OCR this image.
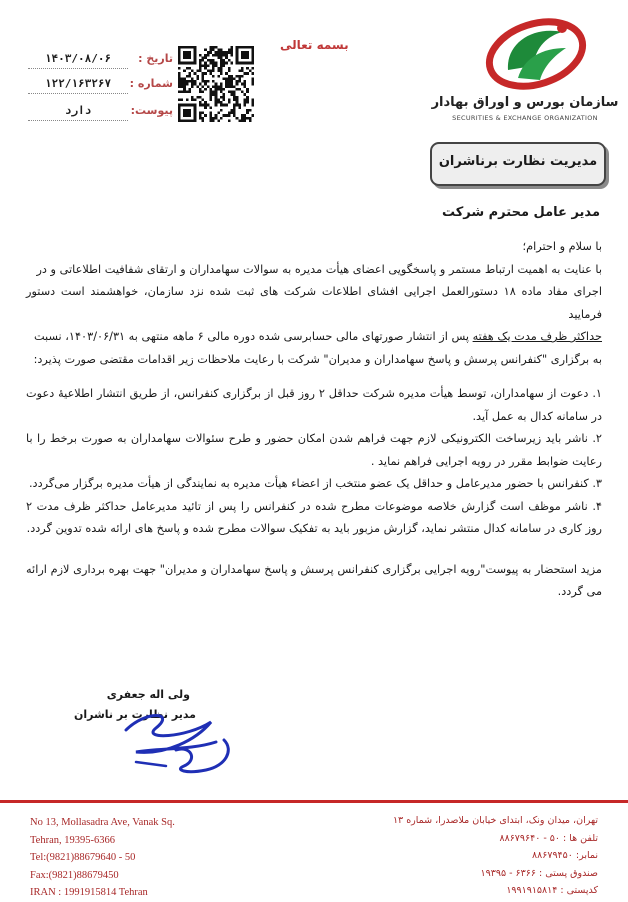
سازمان بورس و اوراق بهادار
SECURITIES & EXCHANGE ORGANIZATION
بسمه تعالی
۱۴۰۳/۰۸/۰۶	تاریخ :
۱۲۲/۱۶۳۲۶۷	شماره :
دارد	پیوست:
مدیریت نظارت برناشران
مدیر عامل محترم شرکت

با سلام و احترام؛

با عنایت به اهمیت ارتباط مستمر و پاسخگویی اعضای هیأت مدیره به سوالات سهامداران و ارتقای شفافیت اطلاعاتی و در

اجرای مفاد ماده ۱۸ دستورالعمل اجرایی افشای اطلاعات شرکت های ثبت شده نزد سازمان، خواهشمند است دستور فرمایید

حداکثر ظرف مدت یک هفته پس از انتشار صورتهای مالی حسابرسی شده دوره مالی ۶ ماهه منتهی به ۱۴۰۳/۰۶/۳۱، نسبت

به برگزاری "کنفرانس پرسش و پاسخ سهامداران و مدیران" شرکت با رعایت ملاحظات زیر اقدامات مقتضی صورت پذیرد:

۱. دعوت از سهامداران، توسط هیأت مدیره شرکت حداقل ۲ روز قبل از برگزاری کنفرانس، از طریق انتشار اطلاعیهٔ دعوت در سامانه کدال به عمل آید.

۲. ناشر باید زیرساخت الکترونیکی لازم جهت فراهم شدن امکان حضور و طرح سئوالات سهامداران به صورت برخط را با رعایت ضوابط مقرر در رویه اجرایی فراهم نماید .

۳. کنفرانس با حضور مدیرعامل و حداقل یک عضو منتخب از اعضاء هیأت مدیره به نمایندگی از هیأت مدیره برگزار می‌گردد.

۴. ناشر موظف است گزارش خلاصه موضوعات مطرح شده در کنفرانس را پس از تائید مدیرعامل حداکثر ظرف مدت ۲ روز کاری در سامانه کدال منتشر نماید، گزارش مزبور باید به تفکیک سوالات مطرح شده و پاسخ های ارائه شده تدوین گردد.

مزید استحضار به پیوست"رویه اجرایی برگزاری کنفرانس پرسش و پاسخ سهامداران و مدیران" جهت بهره برداری لازم ارائه می گردد.

ولی اله جعفری
مدیر نظارت بر ناشران
No 13, Mollasadra Ave, Vanak Sq.
Tehran, 19395-6366
Tel:(9821)88679640 - 50
Fax:(9821)88679450
IRAN : 1991915814 Tehran
تهران، میدان ونک، ابتدای خیابان ملاصدرا، شماره ۱۳
تلفن ها : ۵۰ - ۸۸۶۷۹۶۴۰
نمابر: ۸۸۶۷۹۴۵۰
صندوق پستی : ۶۳۶۶ - ۱۹۳۹۵
کدپستی : ۱۹۹۱۹۱۵۸۱۴
